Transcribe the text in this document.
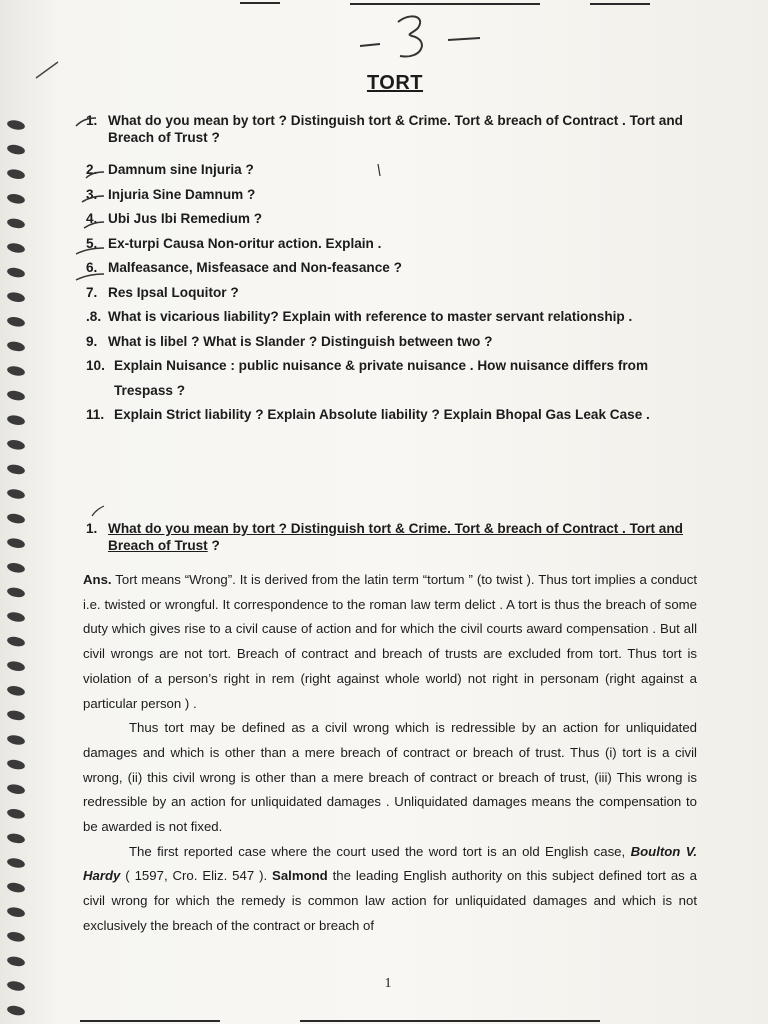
TORT
1. What do you mean by tort ? Distinguish tort & Crime. Tort & breach of Contract . Tort and Breach of Trust ?
2. Damnum sine Injuria ?
3. Injuria Sine Damnum ?
4. Ubi Jus Ibi Remedium ?
5. Ex-turpi Causa Non-oritur action. Explain .
6. Malfeasance, Misfeasace and Non-feasance ?
7. Res Ipsal Loquitor ?
.8. What is vicarious liability? Explain with reference to master servant relationship .
9. What is libel ? What is Slander ? Distinguish between two ?
10. Explain Nuisance : public nuisance & private nuisance . How nuisance differs from Trespass ?
11. Explain Strict liability ? Explain Absolute liability ? Explain Bhopal Gas Leak Case .
1. What do you mean by tort ? Distinguish tort & Crime. Tort & breach of Contract . Tort and Breach of Trust ?

Ans. Tort means “Wrong”. It is derived from the latin term “tortum ” (to twist ). Thus tort implies a conduct i.e. twisted or wrongful. It correspondence to the roman law term delict . A tort is thus the breach of some duty which gives rise to a civil cause of action and for which the civil courts award compensation . But all civil wrongs are not tort. Breach of contract and breach of trusts are excluded from tort. Thus tort is violation of a person’s right in rem (right against whole world) not right in personam (right against a particular person ) .

Thus tort may be defined as a civil wrong which is redressible by an action for unliquidated damages and which is other than a mere breach of contract or breach of trust. Thus (i) tort is a civil wrong, (ii) this civil wrong is other than a mere breach of contract or breach of trust, (iii) This wrong is redressible by an action for unliquidated damages . Unliquidated damages means the compensation to be awarded is not fixed.

The first reported case where the court used the word tort is an old English case, Boulton V. Hardy ( 1597, Cro. Eliz. 547 ). Salmond the leading English authority on this subject defined tort as a civil wrong for which the remedy is common law action for unliquidated damages and which is not exclusively the breach of the contract or breach of

1
